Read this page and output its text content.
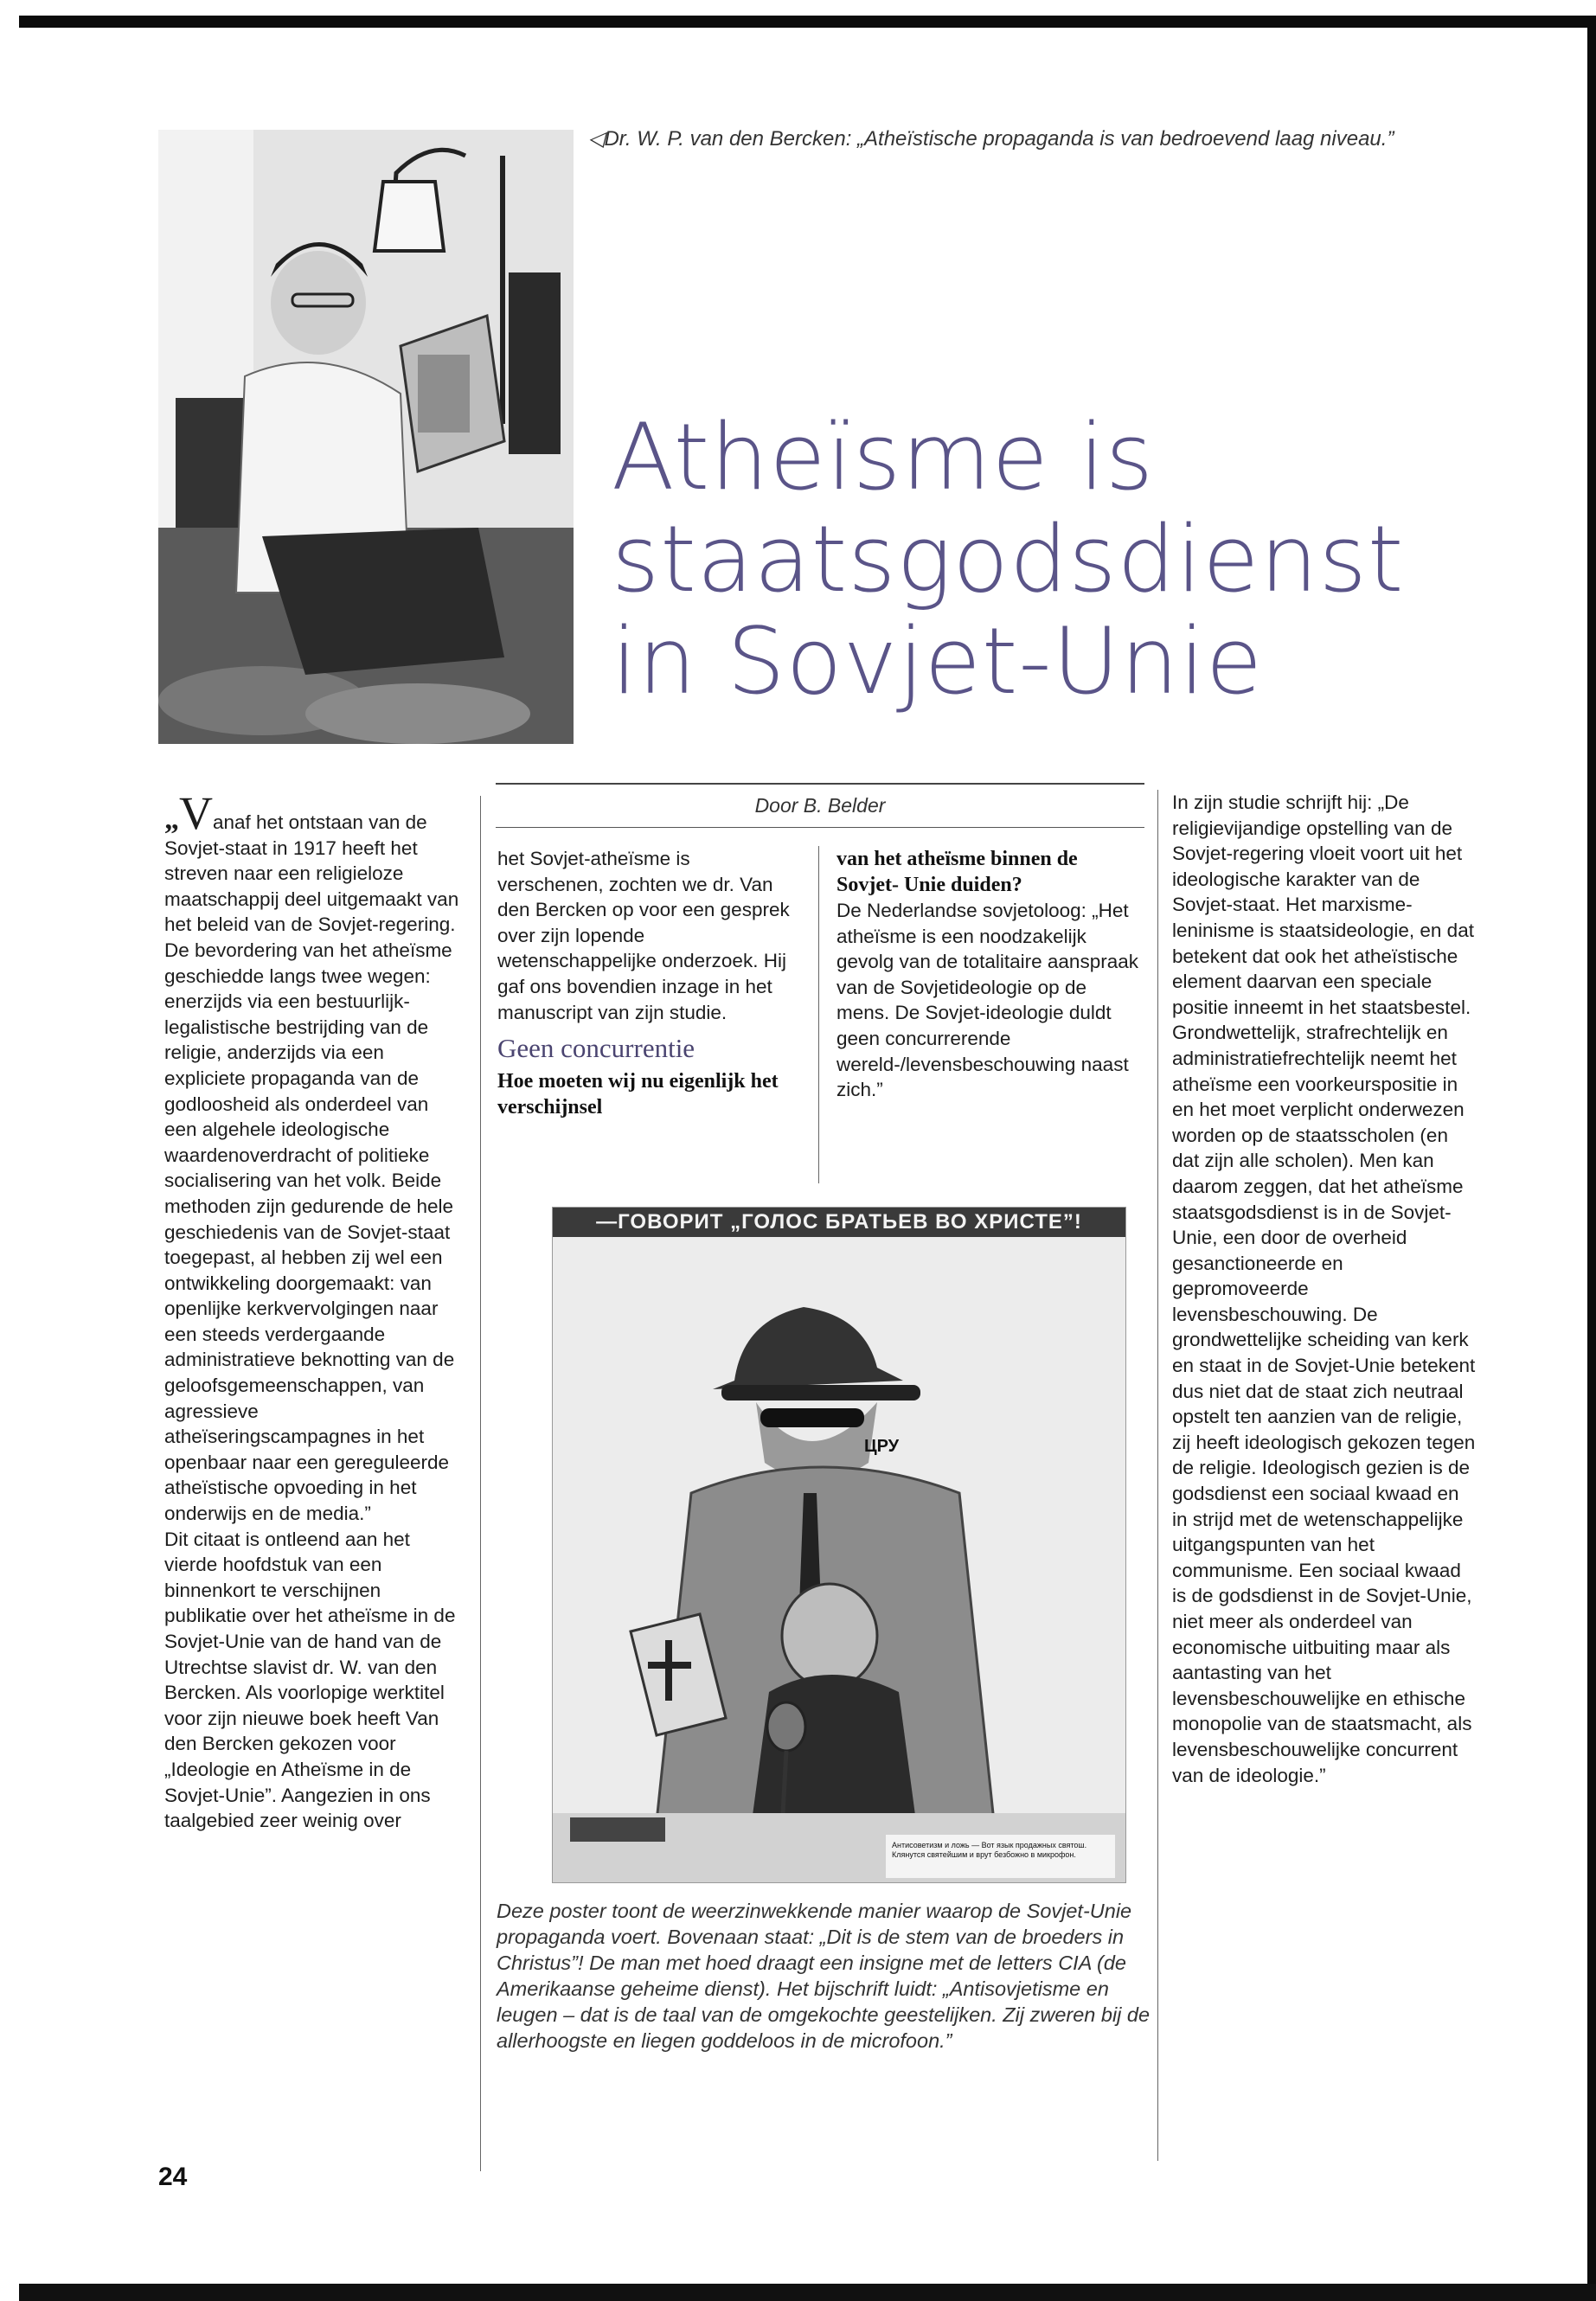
◁Dr. W. P. van den Bercken: „Atheïstische propaganda is van bedroevend laag niveau.”
Atheïsme is
staatsgodsdienst
in Sovjet-Unie
Door B. Belder

„Vanaf het ontstaan van de Sovjet-staat in 1917 heeft het streven naar een religieloze maatschappij deel uitgemaakt van het beleid van de Sovjet-regering. De bevordering van het atheïsme geschiedde langs twee wegen: enerzijds via een bestuurlijk-legalistische bestrijding van de religie, anderzijds via een expliciete propaganda van de godloosheid als onderdeel van een algehele ideologische waardenoverdracht of politieke socialisering van het volk. Beide methoden zijn gedurende de hele geschiedenis van de Sovjet-staat toegepast, al hebben zij wel een ontwikkeling doorgemaakt: van openlijke kerkvervolgingen naar een steeds verdergaande administratieve beknotting van de geloofsgemeenschappen, van agressieve atheïseringscampagnes in het openbaar naar een gereguleerde atheïstische opvoeding in het onderwijs en de media.”

Dit citaat is ontleend aan het vierde hoofdstuk van een binnenkort te verschijnen publikatie over het atheïsme in de Sovjet-Unie van de hand van de Utrechtse slavist dr. W. van den Bercken. Als voorlopige werktitel voor zijn nieuwe boek heeft Van den Bercken gekozen voor „Ideologie en Atheïsme in de Sovjet-Unie”. Aangezien in ons taalgebied zeer weinig over

het Sovjet-atheïsme is verschenen, zochten we dr. Van den Bercken op voor een gesprek over zijn lopende wetenschappelijke onderzoek. Hij gaf ons bovendien inzage in het manuscript van zijn studie.

Geen concurrentie
Hoe moeten wij nu eigenlijk het verschijnsel
van het atheïsme binnen de Sovjet- Unie duiden?

De Nederlandse sovjetoloog: „Het atheïsme is een noodzakelijk gevolg van de totalitaire aanspraak van de Sovjetideologie op de mens. De Sovjet-ideologie duldt geen concurrerende wereld-/levensbeschouwing naast zich.”

In zijn studie schrijft hij: „De religievijandige opstelling van de Sovjet-regering vloeit voort uit het ideologische karakter van de Sovjet-staat. Het marxisme-leninisme is staatsideologie, en dat betekent dat ook het atheïstische element daarvan een speciale positie inneemt in het staatsbestel. Grondwettelijk, strafrechtelijk en administratiefrechtelijk neemt het atheïsme een voorkeurspositie in en het moet verplicht onderwezen worden op de staatsscholen (en dat zijn alle scholen). Men kan daarom zeggen, dat het atheïsme staatsgodsdienst is in de Sovjet-Unie, een door de overheid gesanctioneerde en gepromoveerde levensbeschouwing. De grondwettelijke scheiding van kerk en staat in de Sovjet-Unie betekent dus niet dat de staat zich neutraal opstelt ten aanzien van de religie, zij heeft ideologisch gekozen tegen de religie. Ideologisch gezien is de godsdienst een sociaal kwaad en in strijd met de wetenschappelijke uitgangspunten van het communisme. Een sociaal kwaad is de godsdienst in de Sovjet-Unie, niet meer als onderdeel van economische uitbuiting maar als aantasting van het levensbeschouwelijke en ethische monopolie van de staatsmacht, als levensbeschouwelijke concurrent van de ideologie.”

—ГОВОРИТ „ГОЛОС БРАТЬЕВ ВО ХРИСТЕ”!
ЦРУ
Антисоветизм и ложь — Вот язык продажных святош. Клянутся святейшим и врут безбожно в микрофон.
Deze poster toont de weerzinwekkende manier waarop de Sovjet-Unie propaganda voert. Bovenaan staat: „Dit is de stem van de broeders in Christus”! De man met hoed draagt een insigne met de letters CIA (de Amerikaanse geheime dienst). Het bijschrift luidt: „Antisovjetisme en leugen – dat is de taal van de omgekochte geestelijken. Zij zweren bij de allerhoogste en liegen goddeloos in de microfoon.”
24
